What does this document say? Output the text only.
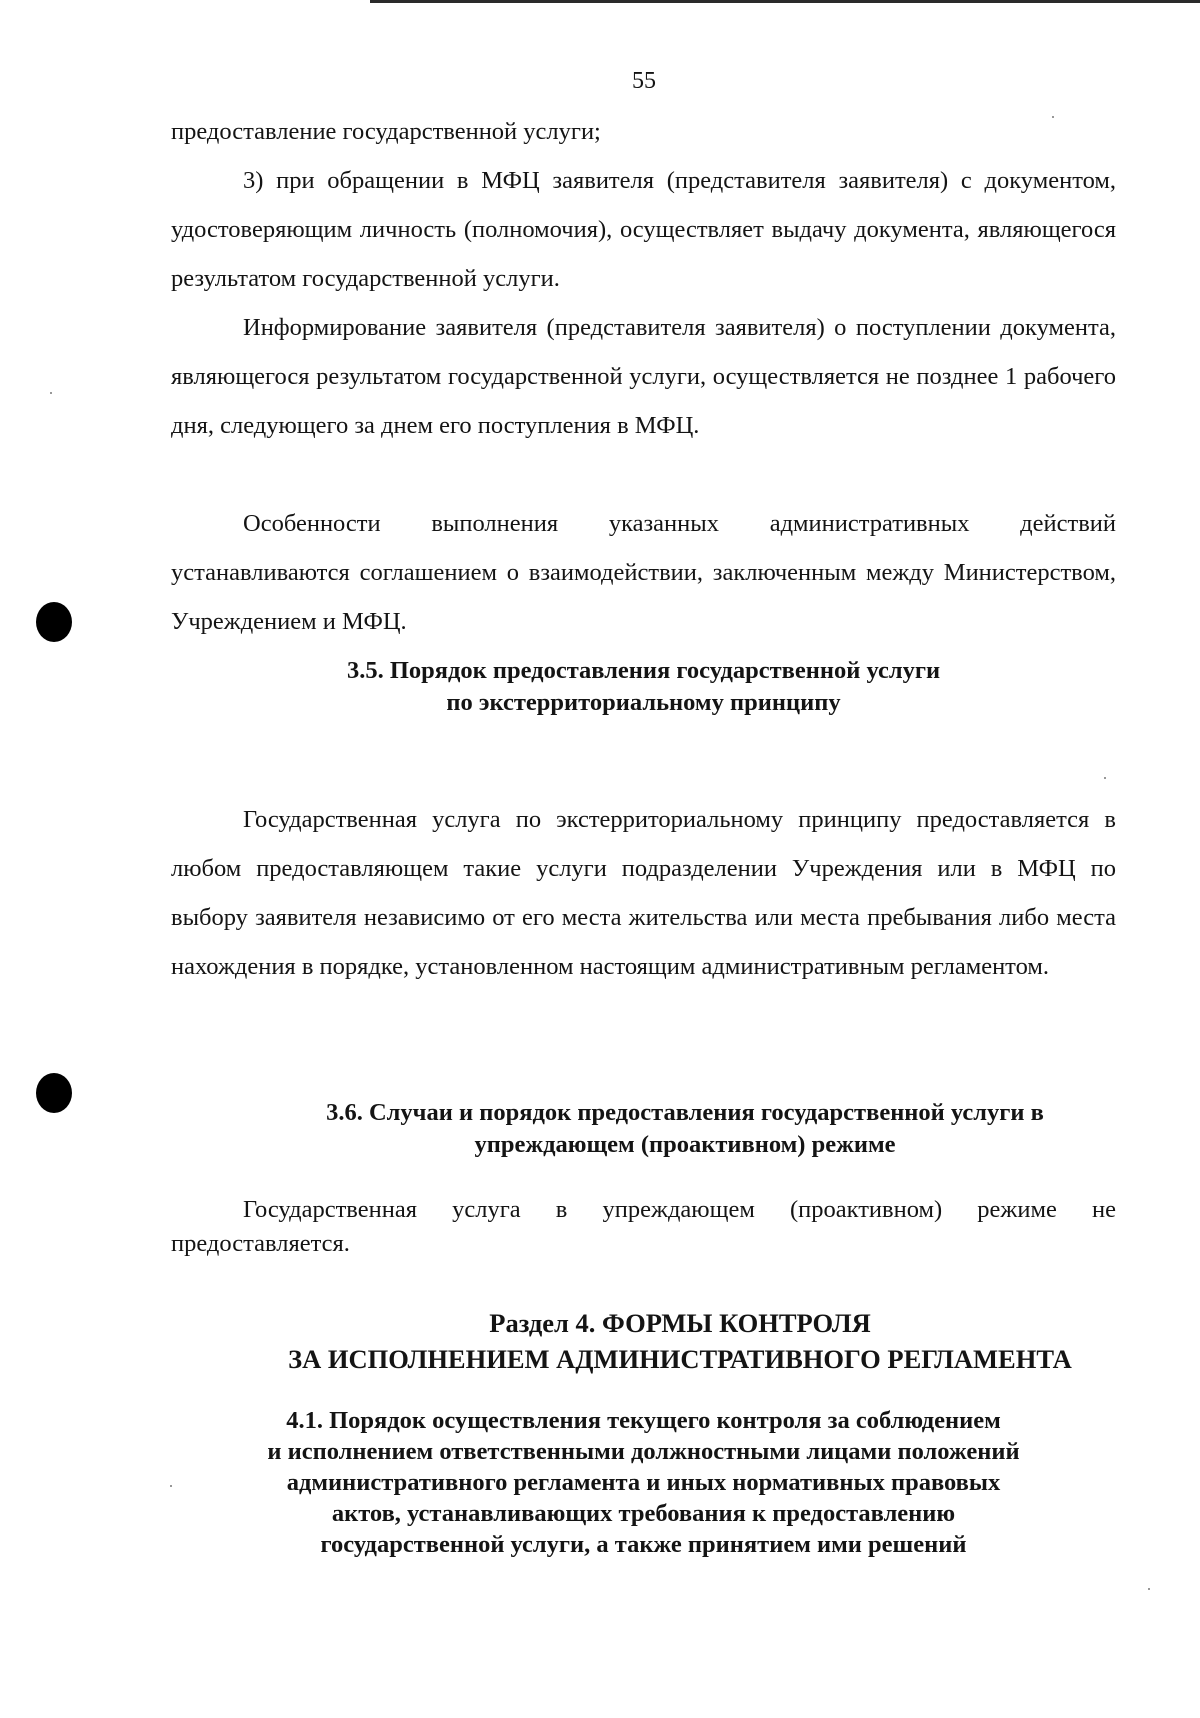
55

предоставление государственной услуги;

3) при обращении в МФЦ заявителя (представителя заявителя) с документом, удостоверяющим личность (полномочия), осуществляет выдачу документа, являющегося результатом государственной услуги.

Информирование заявителя (представителя заявителя) о поступлении документа, являющегося результатом государственной услуги, осуществляется не позднее 1 рабочего дня, следующего за днем его поступления в МФЦ.

Особенности выполнения указанных административных действий устанавливаются соглашением о взаимодействии, заключенным между Министерством, Учреждением и МФЦ.

3.5. Порядок предоставления государственной услуги
по экстерриториальному принципу

Государственная услуга по экстерриториальному принципу предоставляется в любом предоставляющем такие услуги подразделении Учреждения или в МФЦ по выбору заявителя независимо от его места жительства или места пребывания либо места нахождения в порядке, установленном настоящим административным регламентом.

3.6. Случаи и порядок предоставления государственной услуги в
упреждающем (проактивном) режиме

Государственная услуга в упреждающем (проактивном) режиме не предоставляется.

Раздел 4. ФОРМЫ КОНТРОЛЯ
ЗА ИСПОЛНЕНИЕМ АДМИНИСТРАТИВНОГО РЕГЛАМЕНТА
4.1. Порядок осуществления текущего контроля за соблюдением
и исполнением ответственными должностными лицами положений
административного регламента и иных нормативных правовых
актов, устанавливающих требования к предоставлению
государственной услуги, а также принятием ими решений
